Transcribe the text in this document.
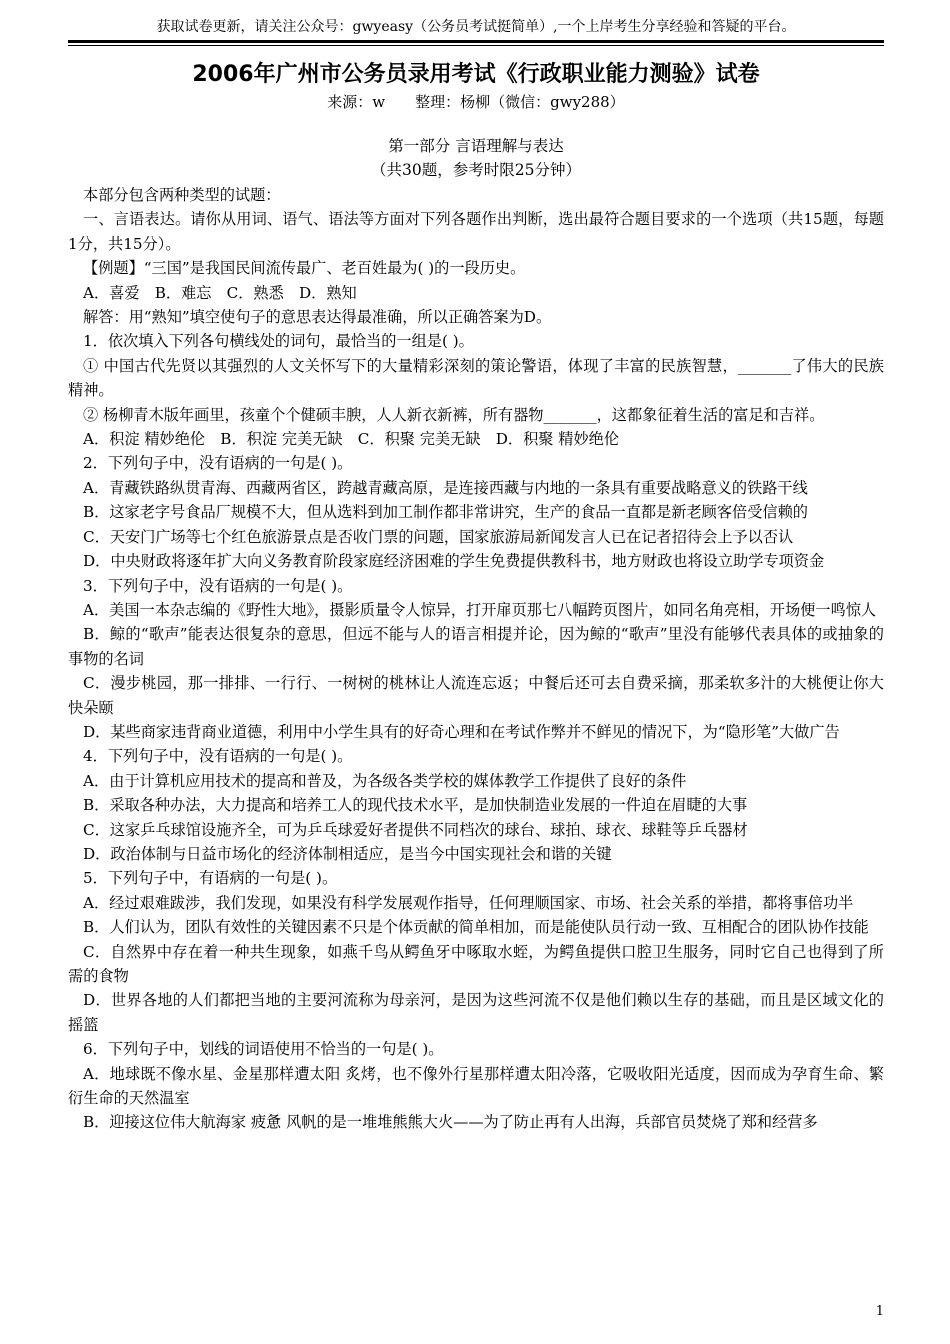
获取试卷更新，请关注公众号：gwyeasy（公务员考试挺简单）,一个上岸考生分享经验和答疑的平台。
2006年广州市公务员录用考试《行政职业能力测验》试卷
来源：w　　整理：杨柳（微信：gwy288）
第一部分 言语理解与表达
（共30题，参考时限25分钟）

本部分包含两种类型的试题：

一、言语表达。请你从用词、语气、语法等方面对下列各题作出判断，选出最符合题目要求的一个选项（共15题，每题1分，共15分）。

【例题】“三国”是我国民间流传最广、老百姓最为( )的一段历史。

A．喜爱　B．难忘　C．熟悉　D．熟知

解答：用“熟知”填空使句子的意思表达得最准确，所以正确答案为D。

1．依次填入下列各句横线处的词句，最恰当的一组是( )。

① 中国古代先贤以其强烈的人文关怀写下的大量精彩深刻的策论警语，体现了丰富的民族智慧，_______了伟大的民族精神。

② 杨柳青木版年画里，孩童个个健硕丰腴，人人新衣新裤，所有器物_______，这都象征着生活的富足和吉祥。

A．积淀 精妙绝伦　B．积淀 完美无缺　C．积聚 完美无缺　D．积聚 精妙绝伦

2．下列句子中，没有语病的一句是( )。

A．青藏铁路纵贯青海、西藏两省区，跨越青藏高原，是连接西藏与内地的一条具有重要战略意义的铁路干线

B．这家老字号食品厂规模不大，但从选料到加工制作都非常讲究，生产的食品一直都是新老顾客倍受信赖的

C．天安门广场等七个红色旅游景点是否收门票的问题，国家旅游局新闻发言人已在记者招待会上予以否认

D．中央财政将逐年扩大向义务教育阶段家庭经济困难的学生免费提供教科书，地方财政也将设立助学专项资金

3．下列句子中，没有语病的一句是( )。

A．美国一本杂志编的《野性大地》，摄影质量令人惊异，打开扉页那七八幅跨页图片，如同名角亮相，开场便一鸣惊人

B．鲸的“歌声”能表达很复杂的意思，但远不能与人的语言相提并论，因为鲸的“歌声”里没有能够代表具体的或抽象的事物的名词

C．漫步桃园，那一排排、一行行、一树树的桃林让人流连忘返；中餐后还可去自费采摘，那柔软多汁的大桃便让你大快朵颐

D．某些商家违背商业道德，利用中小学生具有的好奇心理和在考试作弊并不鲜见的情况下，为“隐形笔”大做广告

4．下列句子中，没有语病的一句是( )。

A．由于计算机应用技术的提高和普及，为各级各类学校的媒体教学工作提供了良好的条件

B．采取各种办法，大力提高和培养工人的现代技术水平，是加快制造业发展的一件迫在眉睫的大事

C．这家乒乓球馆设施齐全，可为乒乓球爱好者提供不同档次的球台、球拍、球衣、球鞋等乒乓器材

D．政治体制与日益市场化的经济体制相适应，是当今中国实现社会和谐的关键

5．下列句子中，有语病的一句是( )。

A．经过艰难跋涉，我们发现，如果没有科学发展观作指导，任何理顺国家、市场、社会关系的举措，都将事倍功半

B．人们认为，团队有效性的关键因素不只是个体贡献的简单相加，而是能使队员行动一致、互相配合的团队协作技能

C．自然界中存在着一种共生现象，如燕千鸟从鳄鱼牙中啄取水蛭，为鳄鱼提供口腔卫生服务，同时它自己也得到了所需的食物

D．世界各地的人们都把当地的主要河流称为母亲河，是因为这些河流不仅是他们赖以生存的基础，而且是区域文化的摇篮

6．下列句子中，划线的词语使用不恰当的一句是( )。

A．地球既不像水星、金星那样遭太阳 炙烤，也不像外行星那样遭太阳冷落，它吸收阳光适度，因而成为孕育生命、繁衍生命的天然温室

B．迎接这位伟大航海家 疲惫 风帆的是一堆堆熊熊大火——为了防止再有人出海，兵部官员焚烧了郑和经营多

1
